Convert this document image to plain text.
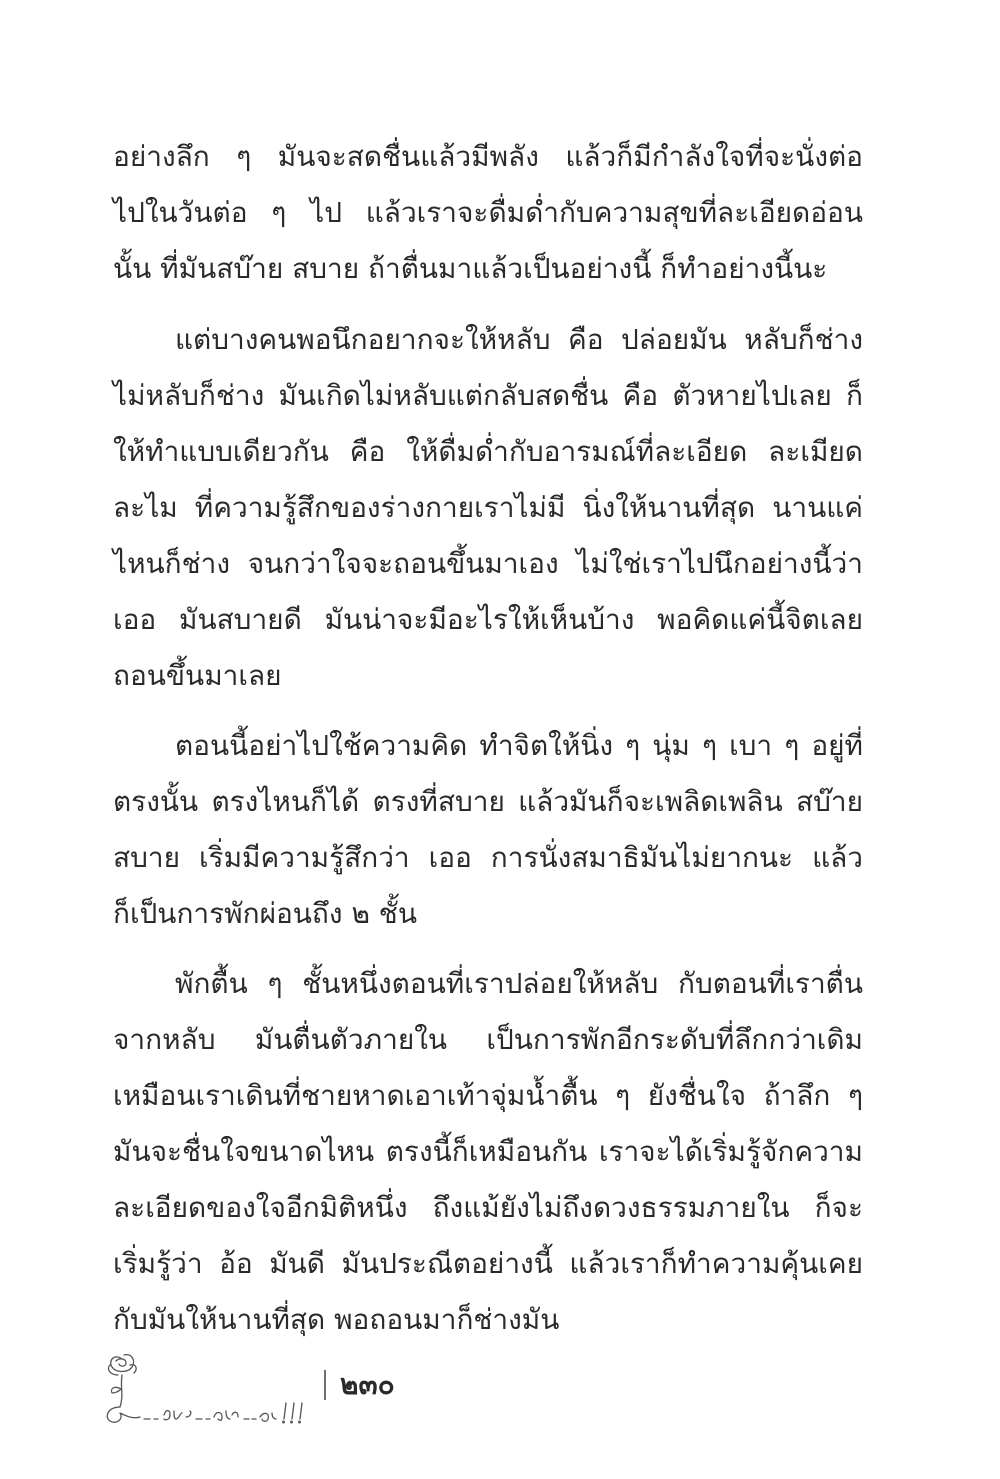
อย่างลึก ๆ มันจะสดชื่นแล้วมีพลัง แล้วก็มีกำลังใจที่จะนั่งต่อ
ไปในวันต่อ ๆ ไป แล้วเราจะดื่มด่ำกับความสุขที่ละเอียดอ่อน
นั้น ที่มันสบ๊าย สบาย ถ้าตื่นมาแล้วเป็นอย่างนี้ ก็ทำอย่างนี้นะ
แต่บางคนพอนึกอยากจะให้หลับ คือ ปล่อยมัน หลับก็ช่าง
ไม่หลับก็ช่าง มันเกิดไม่หลับแต่กลับสดชื่น คือ ตัวหายไปเลย ก็
ให้ทำแบบเดียวกัน คือ ให้ดื่มด่ำกับอารมณ์ที่ละเอียด ละเมียด
ละไม ที่ความรู้สึกของร่างกายเราไม่มี นิ่งให้นานที่สุด นานแค่
ไหนก็ช่าง จนกว่าใจจะถอนขึ้นมาเอง ไม่ใช่เราไปนึกอย่างนี้ว่า
เออ มันสบายดี มันน่าจะมีอะไรให้เห็นบ้าง พอคิดแค่นี้จิตเลย
ถอนขึ้นมาเลย
ตอนนี้อย่าไปใช้ความคิด ทำจิตให้นิ่ง ๆ นุ่ม ๆ เบา ๆ อยู่ที่
ตรงนั้น ตรงไหนก็ได้ ตรงที่สบาย แล้วมันก็จะเพลิดเพลิน สบ๊าย
สบาย เริ่มมีความรู้สึกว่า เออ การนั่งสมาธิมันไม่ยากนะ แล้ว
ก็เป็นการพักผ่อนถึง ๒ ชั้น
พักตื้น ๆ ชั้นหนึ่งตอนที่เราปล่อยให้หลับ กับตอนที่เราตื่น
จากหลับ มันตื่นตัวภายใน เป็นการพักอีกระดับที่ลึกกว่าเดิม
เหมือนเราเดินที่ชายหาดเอาเท้าจุ่มน้ำตื้น ๆ ยังชื่นใจ ถ้าลึก ๆ
มันจะชื่นใจขนาดไหน ตรงนี้ก็เหมือนกัน เราจะได้เริ่มรู้จักความ
ละเอียดของใจอีกมิติหนึ่ง ถึงแม้ยังไม่ถึงดวงธรรมภายใน ก็จะ
เริ่มรู้ว่า อ้อ มันดี มันประณีตอย่างนี้ แล้วเราก็ทำความคุ้นเคย
กับมันให้นานที่สุด พอถอนมาก็ช่างมัน
๒๓๐
